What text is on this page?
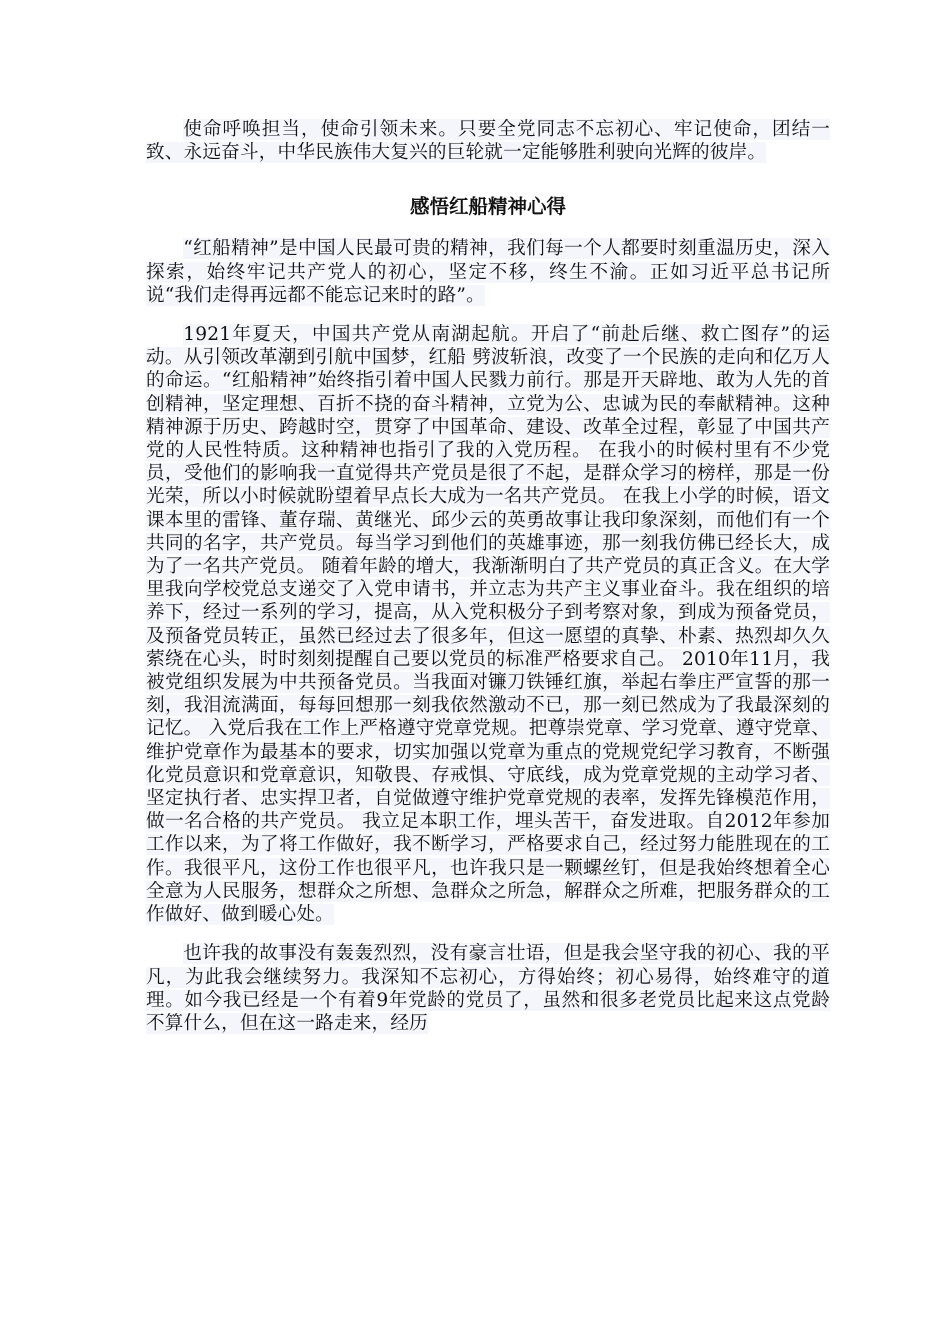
使命呼唤担当，使命引领未来。只要全党同志不忘初心、牢记使命，团结一致、永远奋斗，中华民族伟大复兴的巨轮就一定能够胜利驶向光辉的彼岸。

感悟红船精神心得

“红船精神”是中国人民最可贵的精神，我们每一个人都要时刻重温历史，深入探索，始终牢记共产党人的初心，坚定不移，终生不渝。正如习近平总书记所说“我们走得再远都不能忘记来时的路”。

1921年夏天，中国共产党从南湖起航。开启了“前赴后继、救亡图存”的运动。从引领改革潮到引航中国梦，红船 劈波斩浪，改变了一个民族的走向和亿万人的命运。“红船精神”始终指引着中国人民戮力前行。那是开天辟地、敢为人先的首创精神，坚定理想、百折不挠的奋斗精神，立党为公、忠诚为民的奉献精神。这种精神源于历史、跨越时空，贯穿了中国革命、建设、改革全过程，彰显了中国共产党的人民性特质。这种精神也指引了我的入党历程。 在我小的时候村里有不少党员，受他们的影响我一直觉得共产党员是很了不起，是群众学习的榜样，那是一份光荣，所以小时候就盼望着早点长大成为一名共产党员。 在我上小学的时候，语文课本里的雷锋、董存瑞、黄继光、邱少云的英勇故事让我印象深刻，而他们有一个共同的名字，共产党员。每当学习到他们的英雄事迹，那一刻我仿佛已经长大，成为了一名共产党员。 随着年龄的增大，我渐渐明白了共产党员的真正含义。在大学里我向学校党总支递交了入党申请书，并立志为共产主义事业奋斗。我在组织的培养下，经过一系列的学习，提高，从入党积极分子到考察对象，到成为预备党员，及预备党员转正，虽然已经过去了很多年，但这一愿望的真挚、朴素、热烈却久久萦绕在心头，时时刻刻提醒自己要以党员的标准严格要求自己。 2010年11月，我被党组织发展为中共预备党员。当我面对镰刀铁锤红旗，举起右拳庄严宣誓的那一刻，我泪流满面，每每回想那一刻我依然激动不已，那一刻已然成为了我最深刻的记忆。 入党后我在工作上严格遵守党章党规。把尊崇党章、学习党章、遵守党章、维护党章作为最基本的要求，切实加强以党章为重点的党规党纪学习教育，不断强化党员意识和党章意识，知敬畏、存戒惧、守底线，成为党章党规的主动学习者、坚定执行者、忠实捍卫者，自觉做遵守维护党章党规的表率，发挥先锋模范作用，做一名合格的共产党员。 我立足本职工作，埋头苦干，奋发进取。自2012年参加工作以来，为了将工作做好，我不断学习，严格要求自己，经过努力能胜现在的工作。我很平凡，这份工作也很平凡，也许我只是一颗螺丝钉，但是我始终想着全心全意为人民服务，想群众之所想、急群众之所急，解群众之所难，把服务群众的工作做好、做到暖心处。

也许我的故事没有轰轰烈烈，没有豪言壮语，但是我会坚守我的初心、我的平凡，为此我会继续努力。我深知不忘初心，方得始终；初心易得，始终难守的道理。如今我已经是一个有着9年党龄的党员了，虽然和很多老党员比起来这点党龄不算什么，但在这一路走来，经历
